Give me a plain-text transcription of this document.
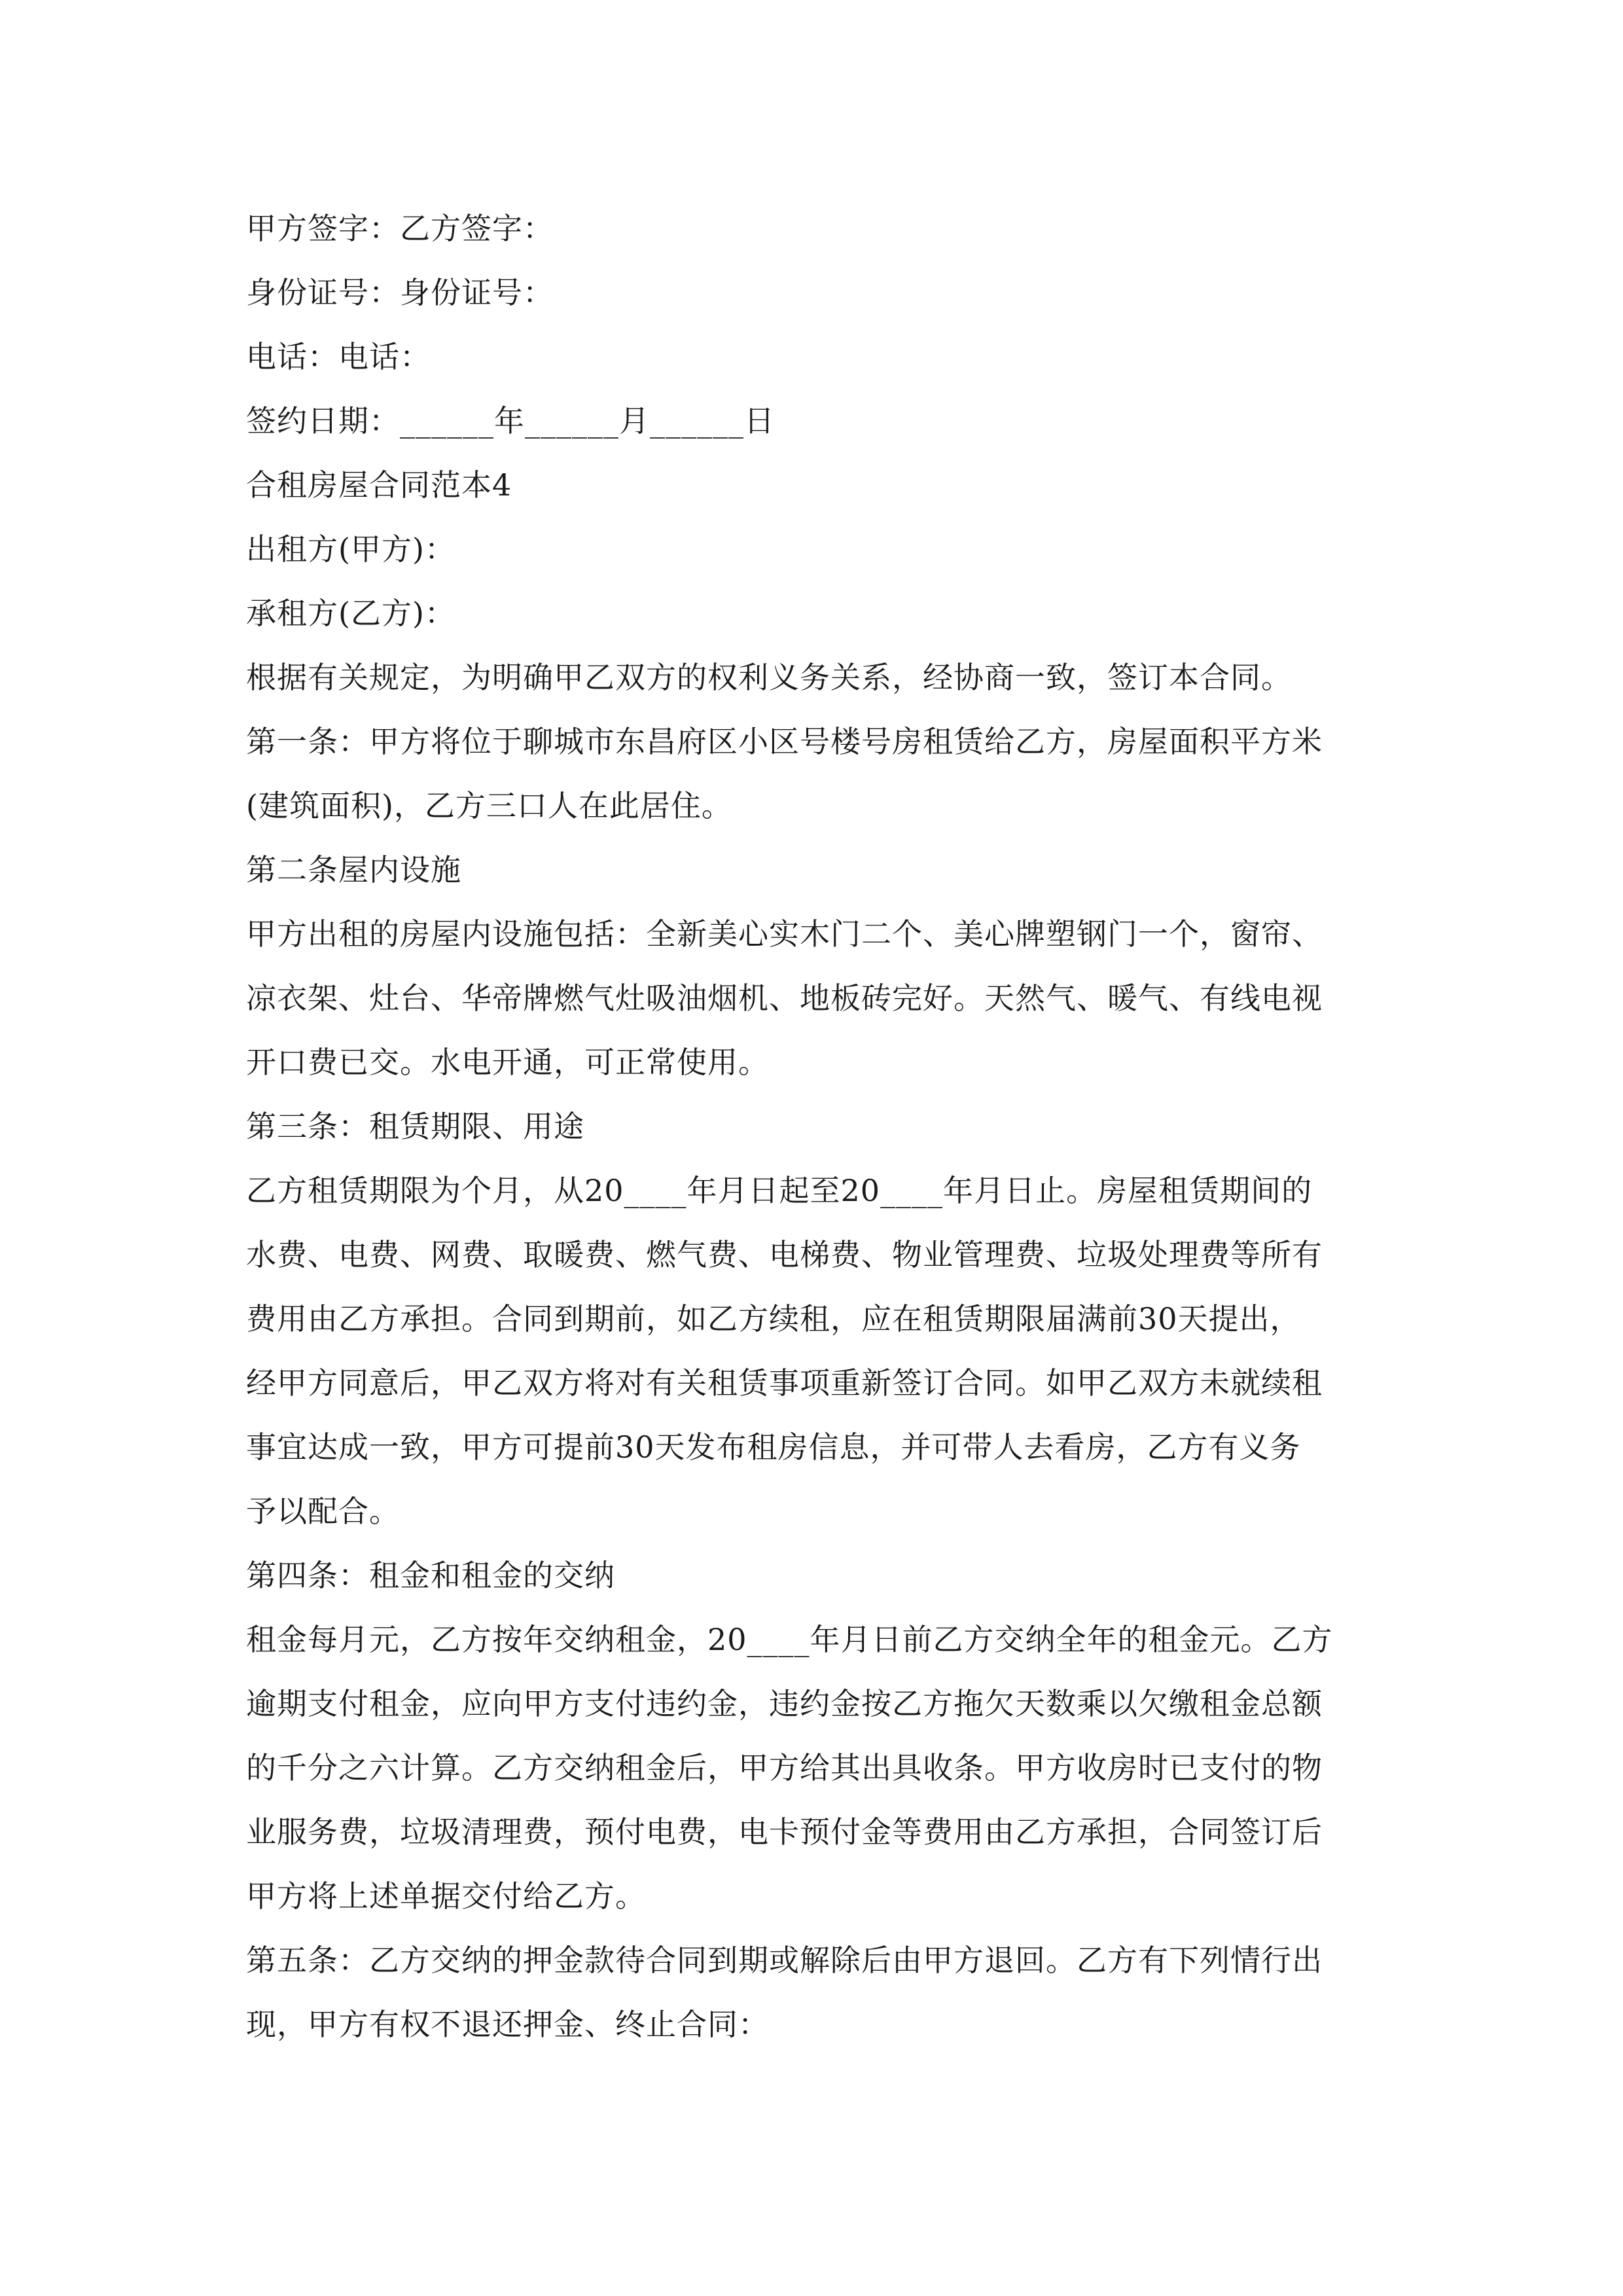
甲方签字：乙方签字：
身份证号：身份证号：
电话：电话：
签约日期：______年______月______日
合租房屋合同范本4
出租方(甲方)：
承租方(乙方)：
根据有关规定，为明确甲乙双方的权利义务关系，经协商一致，签订本合同。
第一条：甲方将位于聊城市东昌府区小区号楼号房租赁给乙方，房屋面积平方米
(建筑面积)，乙方三口人在此居住。
第二条屋内设施
甲方出租的房屋内设施包括：全新美心实木门二个、美心牌塑钢门一个，窗帘、
凉衣架、灶台、华帝牌燃气灶吸油烟机、地板砖完好。天然气、暖气、有线电视
开口费已交。水电开通，可正常使用。
第三条：租赁期限、用途
乙方租赁期限为个月，从20____年月日起至20____年月日止。房屋租赁期间的
水费、电费、网费、取暖费、燃气费、电梯费、物业管理费、垃圾处理费等所有
费用由乙方承担。合同到期前，如乙方续租，应在租赁期限届满前30天提出，
经甲方同意后，甲乙双方将对有关租赁事项重新签订合同。如甲乙双方未就续租
事宜达成一致，甲方可提前30天发布租房信息，并可带人去看房，乙方有义务
予以配合。
第四条：租金和租金的交纳
租金每月元，乙方按年交纳租金，20____年月日前乙方交纳全年的租金元。乙方
逾期支付租金，应向甲方支付违约金，违约金按乙方拖欠天数乘以欠缴租金总额
的千分之六计算。乙方交纳租金后，甲方给其出具收条。甲方收房时已支付的物
业服务费，垃圾清理费，预付电费，电卡预付金等费用由乙方承担，合同签订后
甲方将上述单据交付给乙方。
第五条：乙方交纳的押金款待合同到期或解除后由甲方退回。乙方有下列情行出
现，甲方有权不退还押金、终止合同：
